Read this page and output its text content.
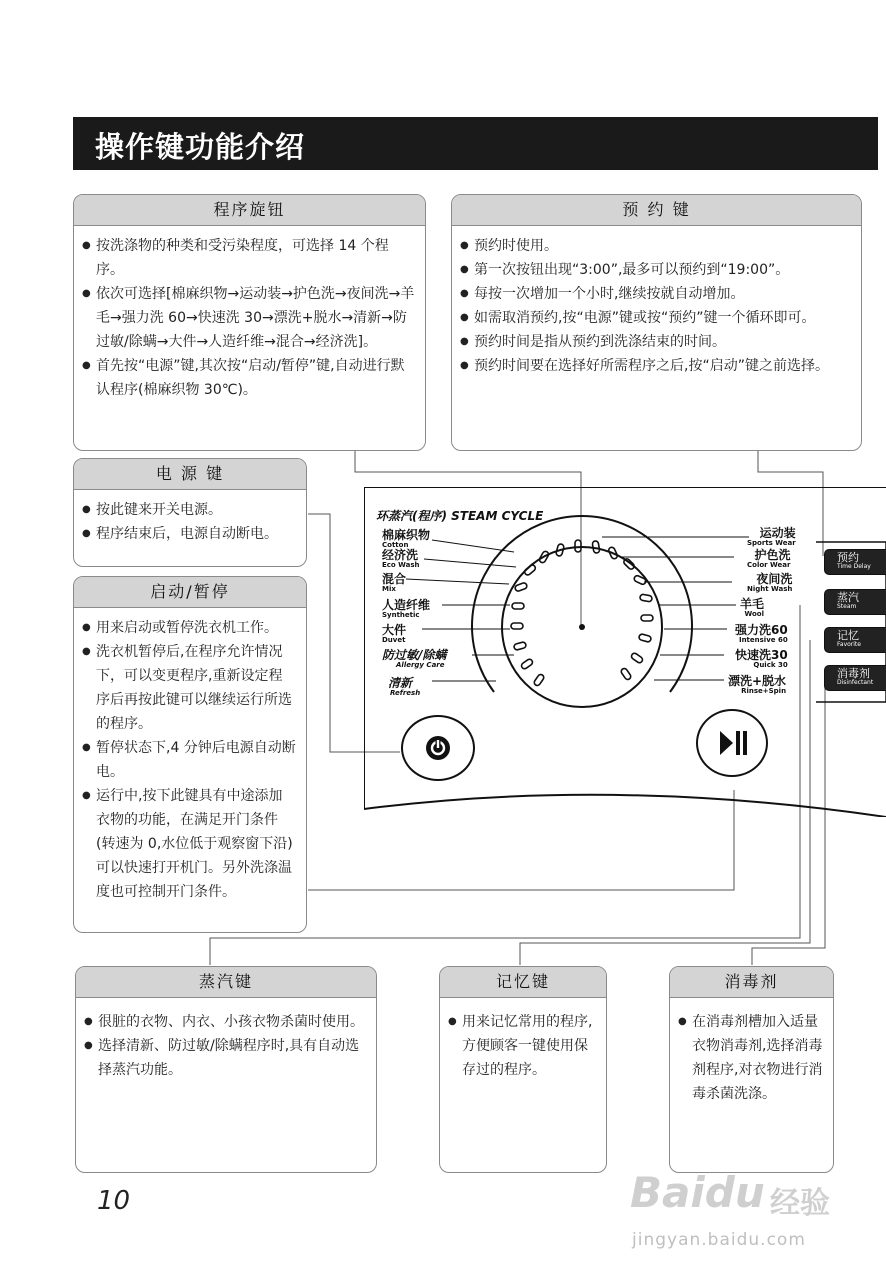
操作键功能介绍
程序旋钮
● 按洗涤物的种类和受污染程度，可选择 14 个程序。
● 依次可选择[棉麻织物→运动装→护色洗→夜间洗→羊毛→强力洗 60→快速洗 30→漂洗+脱水→清新→防过敏/除螨→大件→人造纤维→混合→经济洗]。
● 首先按“电源”键,其次按“启动/暂停”键,自动进行默认程序(棉麻织物 30℃)。
预 约 键
● 预约时使用。
● 第一次按钮出现“3:00”,最多可以预约到“19:00”。
● 每按一次增加一个小时,继续按就自动增加。
● 如需取消预约,按“电源”键或按“预约”键一个循环即可。
● 预约时间是指从预约到洗涤结束的时间。
● 预约时间要在选择好所需程序之后,按“启动”键之前选择。
电 源 键
● 按此键来开关电源。
● 程序结束后，电源自动断电。
启动/暂停
● 用来启动或暂停洗衣机工作。
● 洗衣机暂停后,在程序允许情况下，可以变更程序,重新设定程序后再按此键可以继续运行所选的程序。
● 暂停状态下,4 分钟后电源自动断电。
● 运行中,按下此键具有中途添加衣物的功能，在满足开门条件(转速为 0,水位低于观察窗下沿)可以快速打开机门。另外洗涤温度也可控制开门条件。
环蒸汽(程序) STEAM CYCLE
棉麻织物
Cotton
经济洗
Eco Wash
混合
Mix
人造纤维
Synthetic
大件
Duvet
防过敏/除螨
Allergy Care
清新
Refresh
运动装
Sports Wear
护色洗
Color Wear
夜间洗
Night Wash
羊毛
Wool
强力洗60
Intensive 60
快速洗30
Quick 30
漂洗+脱水
Rinse+Spin
预约
Time Delay
蒸汽
Steam
记忆
Favorite
消毒剂
Disinfectant
蒸汽键
● 很脏的衣物、内衣、小孩衣物杀菌时使用。
● 选择清新、防过敏/除螨程序时,具有自动选择蒸汽功能。
记忆键
● 用来记忆常用的程序,方便顾客一键使用保存过的程序。
消毒剂
● 在消毒剂槽加入适量衣物消毒剂,选择消毒剂程序,对衣物进行消毒杀菌洗涤。
10	Baidu 经验
jingyan.baidu.com
